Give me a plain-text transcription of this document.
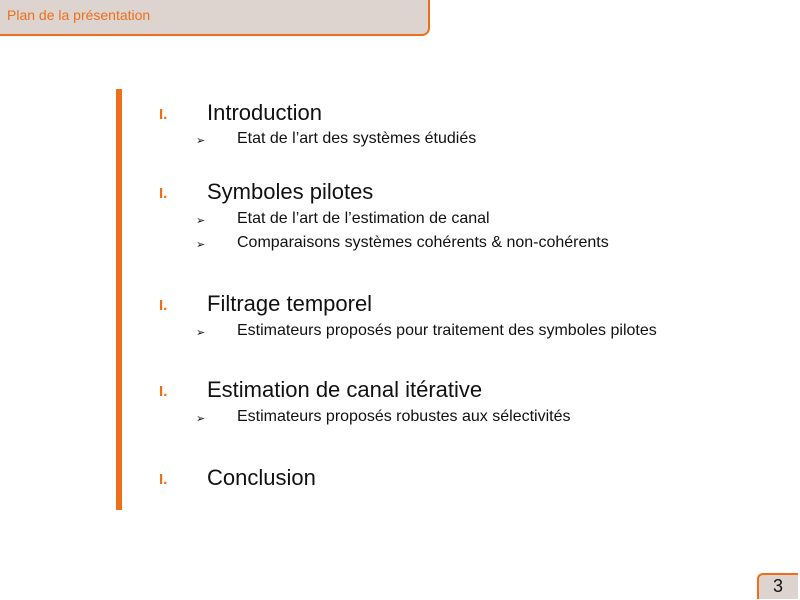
Plan de la présentation
I. Introduction
➢ Etat de l’art des systèmes étudiés
I. Symboles pilotes
➢ Etat de l’art de l’estimation de canal
➢ Comparaisons systèmes cohérents & non-cohérents
I. Filtrage temporel
➢ Estimateurs proposés pour traitement des symboles pilotes
I. Estimation de canal itérative
➢ Estimateurs proposés robustes aux sélectivités
I. Conclusion
3
